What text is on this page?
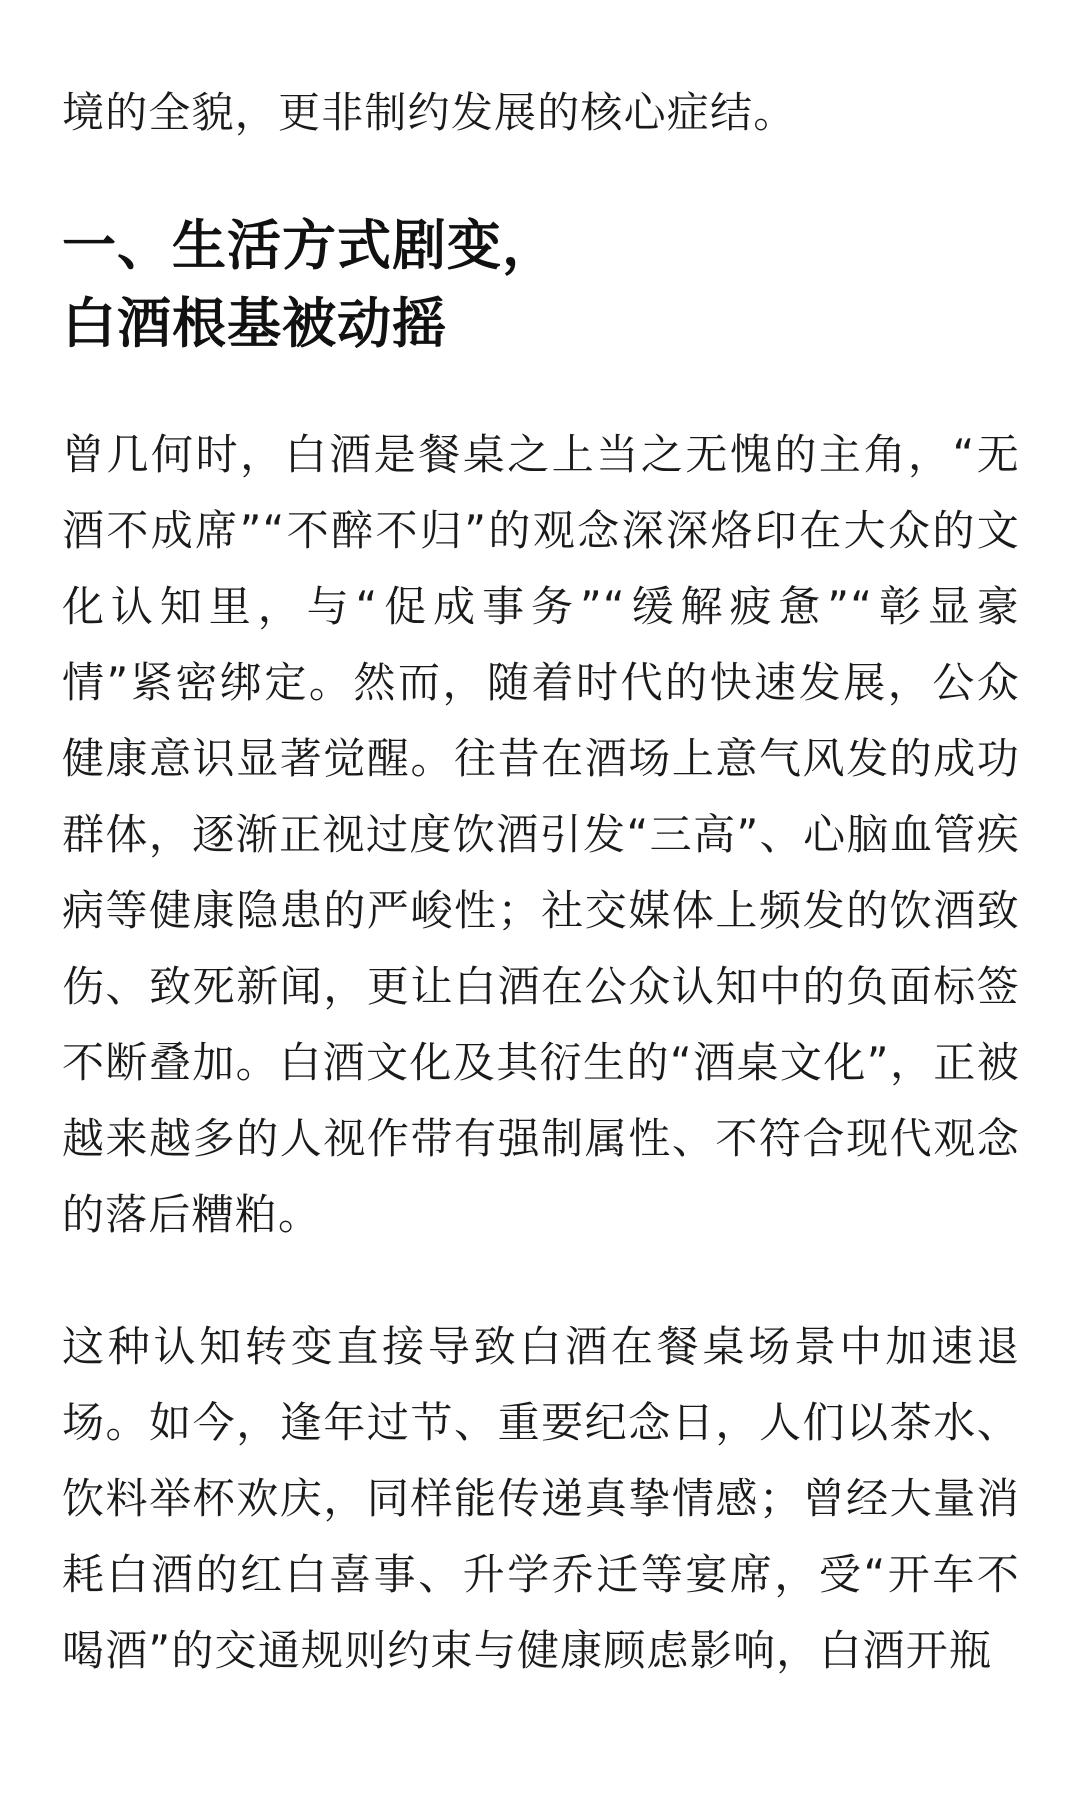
境的全貌，更非制约发展的核心症结。

一、生活方式剧变，
白酒根基被动摇

曾几何时，白酒是餐桌之上当之无愧的主角，“无酒不成席”“不醉不归”的观念深深烙印在大众的文化认知里，与“促成事务”“缓解疲惫”“彰显豪情”紧密绑定。然而，随着时代的快速发展，公众健康意识显著觉醒。往昔在酒场上意气风发的成功群体，逐渐正视过度饮酒引发“三高”、心脑血管疾病等健康隐患的严峻性；社交媒体上频发的饮酒致伤、致死新闻，更让白酒在公众认知中的负面标签不断叠加。白酒文化及其衍生的“酒桌文化”，正被越来越多的人视作带有强制属性、不符合现代观念的落后糟粕。

这种认知转变直接导致白酒在餐桌场景中加速退场。如今，逢年过节、重要纪念日，人们以茶水、饮料举杯欢庆，同样能传递真挚情感；曾经大量消耗白酒的红白喜事、升学乔迁等宴席，受“开车不喝酒”的交通规则约束与健康顾虑影响，白酒开瓶
